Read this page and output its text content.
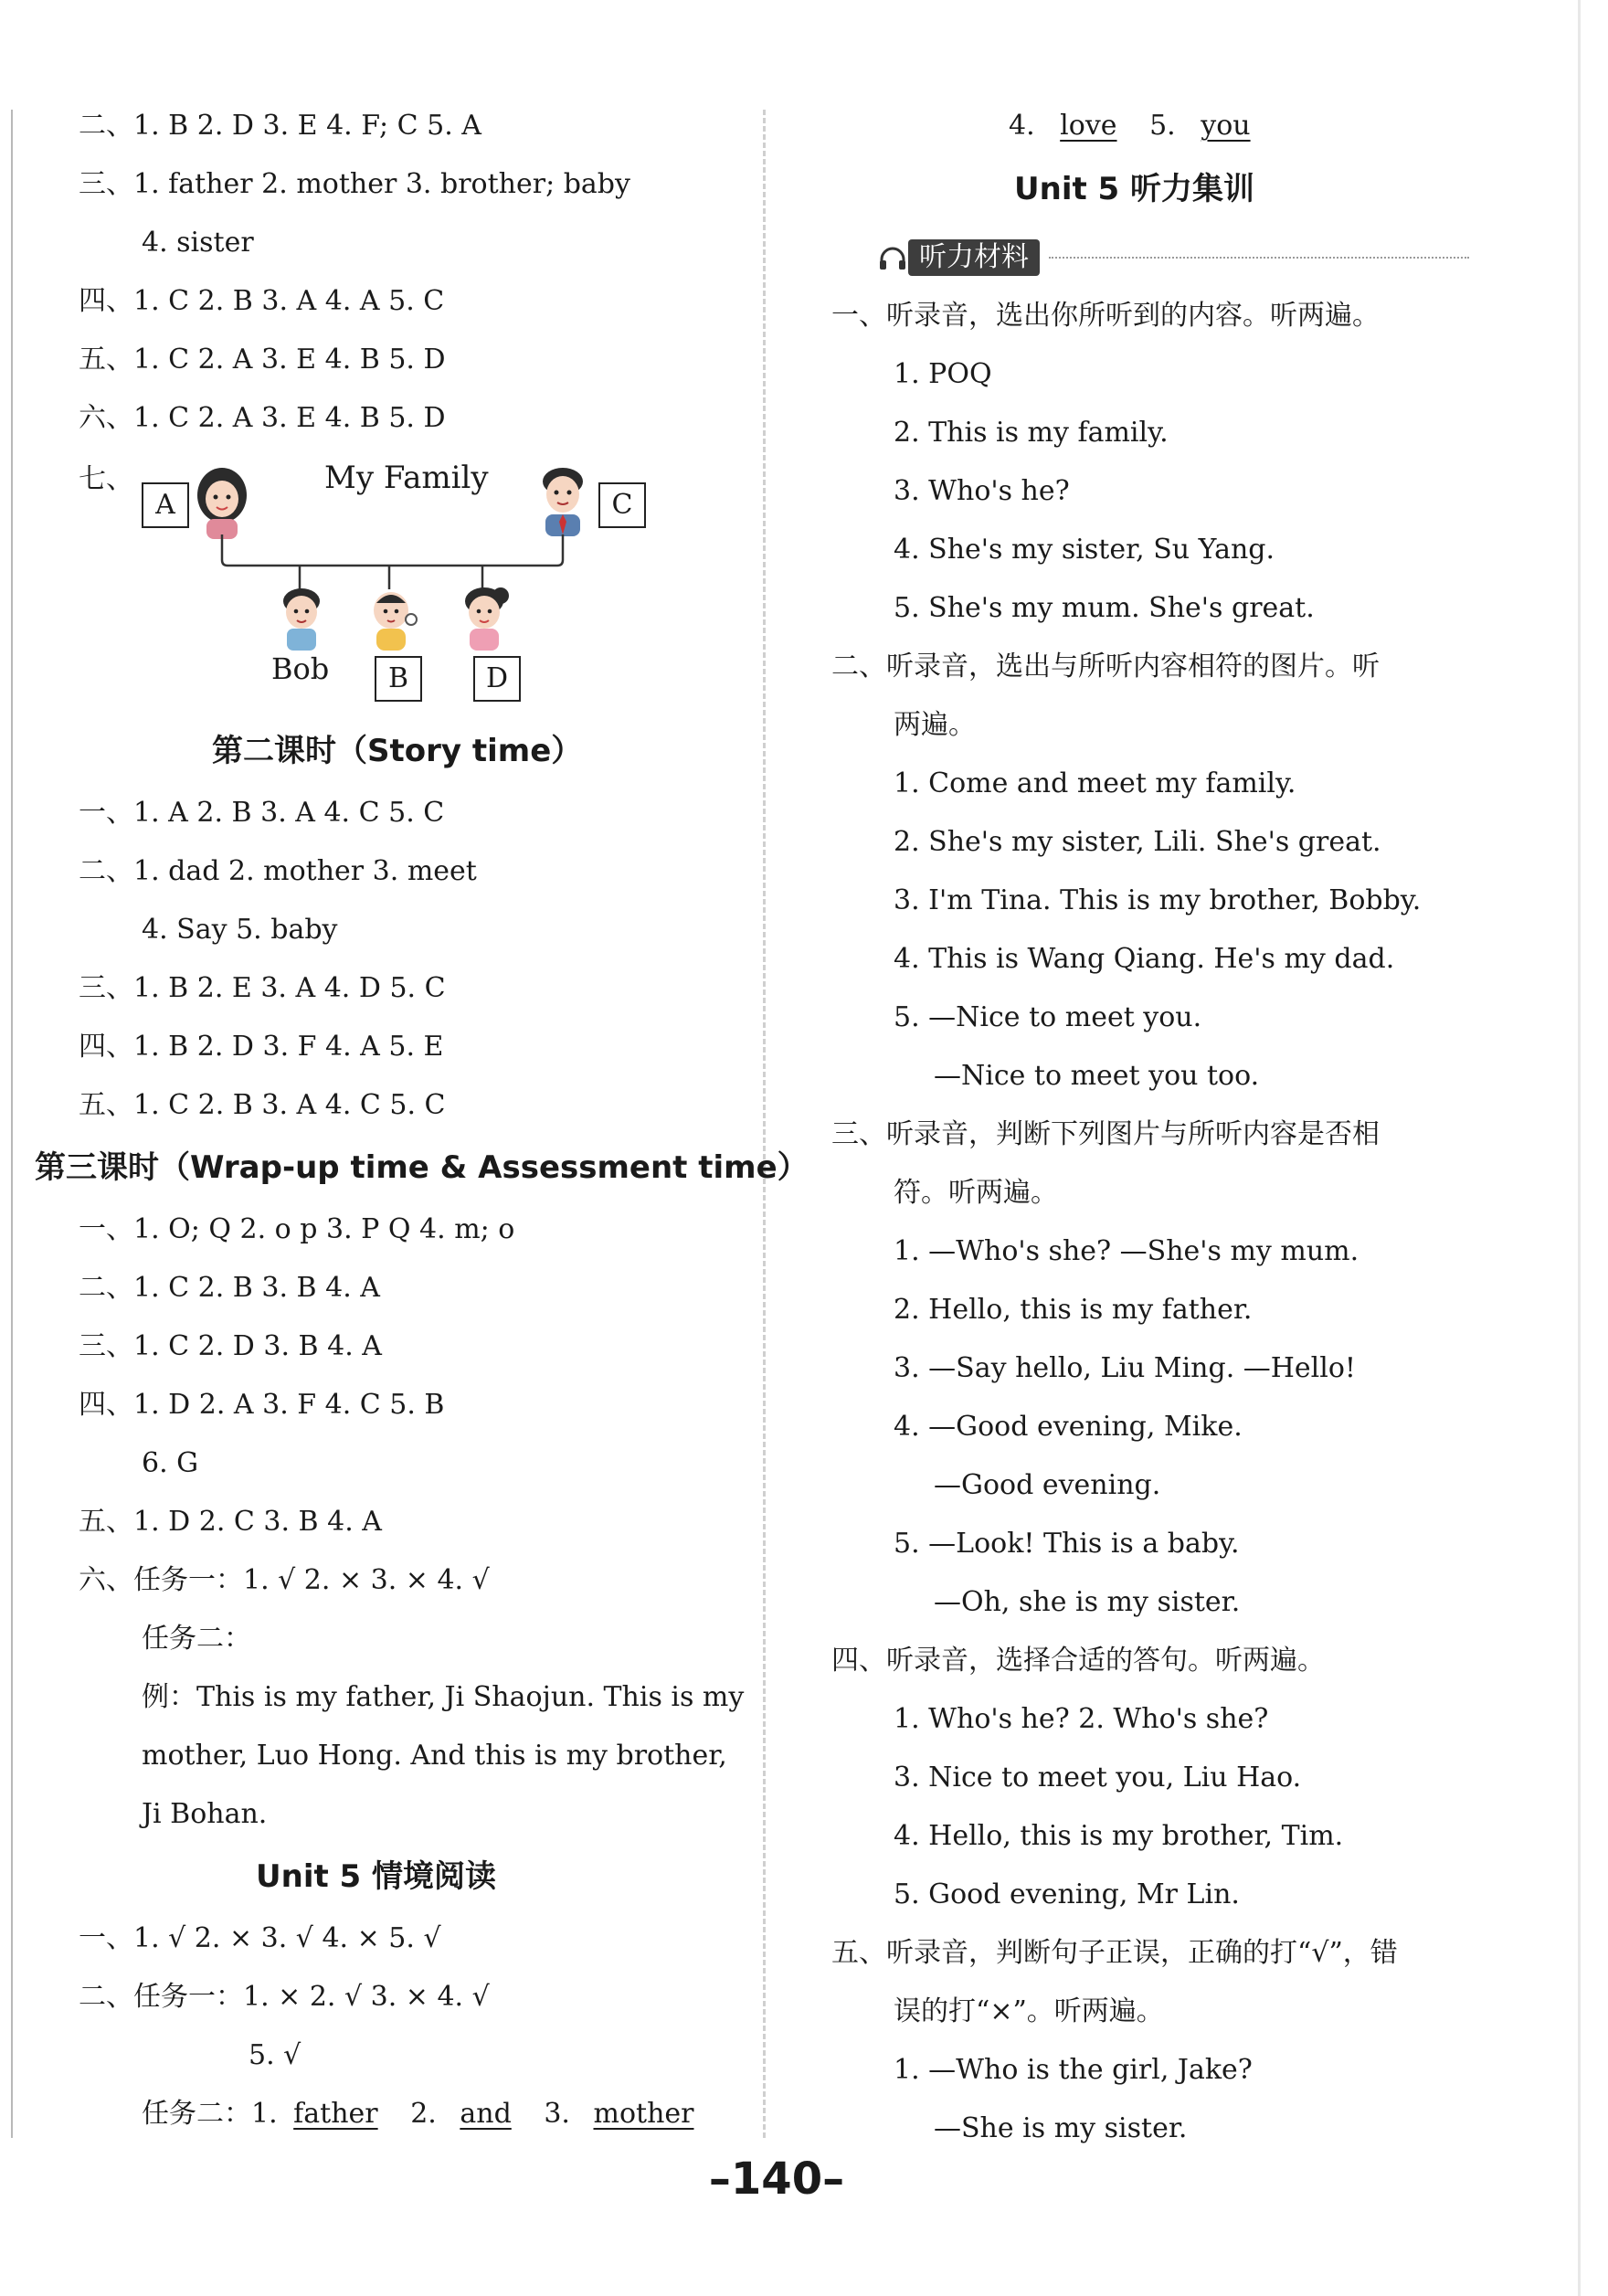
二、1. B 2. D 3. E 4. F; C 5. A
三、1. father 2. mother 3. brother; baby
4. sister
四、1. C 2. B 3. A 4. A 5. C
五、1. C 2. A 3. E 4. B 5. D
六、1. C 2. A 3. E 4. B 5. D
七、
A
My Family
C
Bob	B	D
第二课时（Story time）
一、1. A 2. B 3. A 4. C 5. C
二、1. dad 2. mother 3. meet
4. Say 5. baby
三、1. B 2. E 3. A 4. D 5. C
四、1. B 2. D 3. F 4. A 5. E
五、1. C 2. B 3. A 4. C 5. C
第三课时（Wrap-up time & Assessment time）
一、1. O; Q 2. o p 3. P Q 4. m; o
二、1. C 2. B 3. B 4. A
三、1. C 2. D 3. B 4. A
四、1. D 2. A 3. F 4. C 5. B
6. G
五、1. D 2. C 3. B 4. A
六、任务一：1. √ 2. × 3. × 4. √
任务二：
例：This is my father, Ji Shaojun. This is my
mother, Luo Hong. And this is my brother,
Ji Bohan.
Unit 5 情境阅读
一、1. √ 2. × 3. √ 4. × 5. √
二、任务一：1. × 2. √ 3. × 4. √
5. √
任务二：1. father 2. and 3. mother
4. love 5. you
Unit 5 听力集训
听力材料
一、听录音，选出你所听到的内容。听两遍。
1. POQ
2. This is my family.
3. Who's he?
4. She's my sister, Su Yang.
5. She's my mum. She's great.
二、听录音，选出与所听内容相符的图片。听
两遍。
1. Come and meet my family.
2. She's my sister, Lili. She's great.
3. I'm Tina. This is my brother, Bobby.
4. This is Wang Qiang. He's my dad.
5. —Nice to meet you.
—Nice to meet you too.
三、听录音，判断下列图片与所听内容是否相
符。听两遍。
1. —Who's she? —She's my mum.
2. Hello, this is my father.
3. —Say hello, Liu Ming. —Hello!
4. —Good evening, Mike.
—Good evening.
5. —Look! This is a baby.
—Oh, she is my sister.
四、听录音，选择合适的答句。听两遍。
1. Who's he? 2. Who's she?
3. Nice to meet you, Liu Hao.
4. Hello, this is my brother, Tim.
5. Good evening, Mr Lin.
五、听录音，判断句子正误，正确的打“√”，错
误的打“×”。听两遍。
1. —Who is the girl, Jake?
—She is my sister.
–140–
